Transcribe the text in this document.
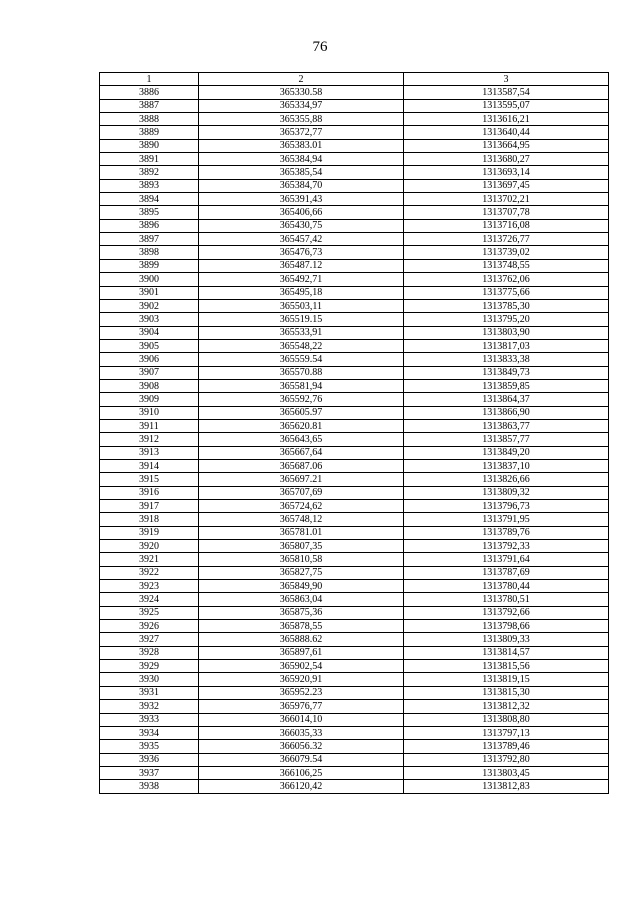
76
1	2	3
3886	365330.58	1313587,54
3887	365334,97	1313595,07
3888	365355,88	1313616,21
3889	365372,77	1313640,44
3890	365383.01	1313664,95
3891	365384,94	1313680,27
3892	365385,54	1313693,14
3893	365384,70	1313697,45
3894	365391,43	1313702,21
3895	365406,66	1313707,78
3896	365430,75	1313716,08
3897	365457,42	1313726,77
3898	365476,73	1313739,02
3899	365487.12	1313748,55
3900	365492,71	1313762,06
3901	365495,18	1313775,66
3902	365503,11	1313785,30
3903	365519.15	1313795,20
3904	365533,91	1313803,90
3905	365548,22	1313817,03
3906	365559.54	1313833,38
3907	365570.88	1313849,73
3908	365581,94	1313859,85
3909	365592,76	1313864,37
3910	365605.97	1313866,90
3911	365620.81	1313863,77
3912	365643,65	1313857,77
3913	365667,64	1313849,20
3914	365687.06	1313837,10
3915	365697.21	1313826,66
3916	365707,69	1313809,32
3917	365724,62	1313796,73
3918	365748,12	1313791,95
3919	365781.01	1313789,76
3920	365807,35	1313792,33
3921	365810,58	1313791,64
3922	365827,75	1313787,69
3923	365849,90	1313780,44
3924	365863,04	1313780,51
3925	365875,36	1313792,66
3926	365878,55	1313798,66
3927	365888.62	1313809,33
3928	365897,61	1313814,57
3929	365902,54	1313815,56
3930	365920,91	1313819,15
3931	365952.23	1313815,30
3932	365976,77	1313812,32
3933	366014,10	1313808,80
3934	366035,33	1313797,13
3935	366056.32	1313789,46
3936	366079.54	1313792,80
3937	366106,25	1313803,45
3938	366120,42	1313812,83
